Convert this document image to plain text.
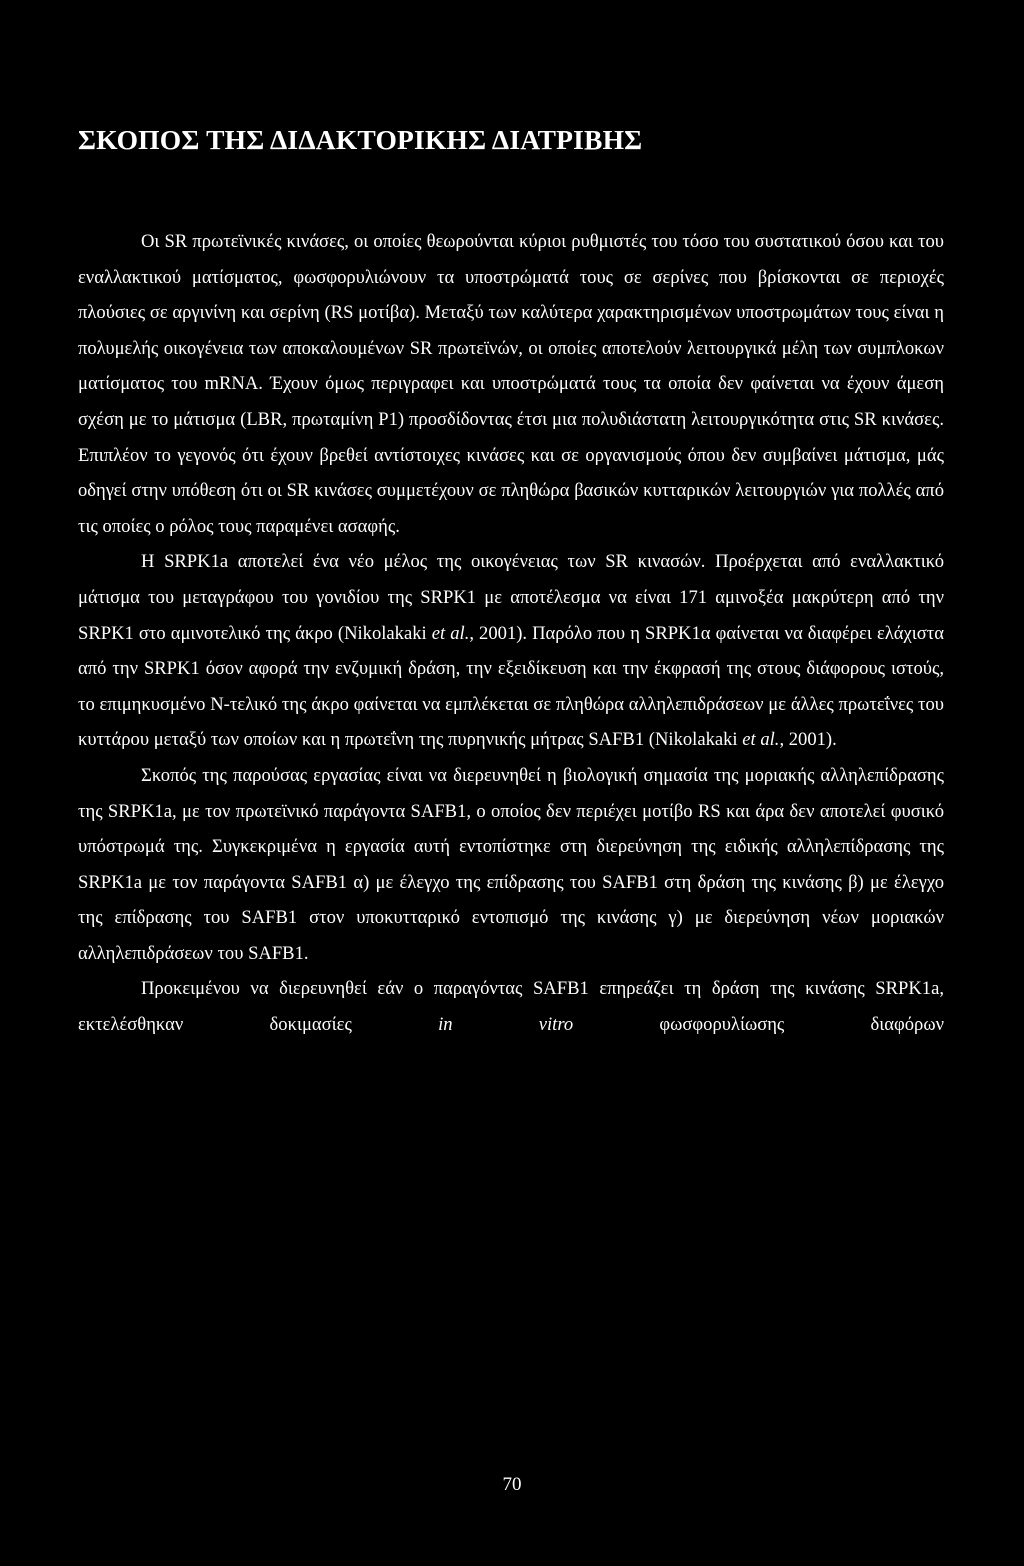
ΣΚΟΠΟΣ ΤΗΣ ΔΙΔΑΚΤΟΡΙΚΗΣ ΔΙΑΤΡΙΒΗΣ

Οι SR πρωτεϊνικές κινάσες, οι οποίες θεωρούνται κύριοι ρυθμιστές του τόσο του συστατικού όσου και του εναλλακτικού ματίσματος, φωσφορυλιώνουν τα υποστρώματά τους σε σερίνες που βρίσκονται σε περιοχές πλούσιες σε αργινίνη και σερίνη (RS μοτίβα). Μεταξύ των καλύτερα χαρακτηρισμένων υποστρωμάτων τους είναι η πολυμελής οικογένεια των αποκαλουμένων SR πρωτεϊνών, οι οποίες αποτελούν λειτουργικά μέλη των συμπλοκων ματίσματος του mRNA. Έχουν όμως περιγραφει και υποστρώματά τους τα οποία δεν φαίνεται να έχουν άμεση σχέση με το μάτισμα (LBR, πρωταμίνη P1) προσδίδοντας έτσι μια πολυδιάστατη λειτουργικότητα στις SR κινάσες. Επιπλέον το γεγονός ότι έχουν βρεθεί αντίστοιχες κινάσες και σε οργανισμούς όπου δεν συμβαίνει μάτισμα, μάς οδηγεί στην υπόθεση ότι οι SR κινάσες συμμετέχουν σε πληθώρα βασικών κυτταρικών λειτουργιών για πολλές από τις οποίες ο ρόλος τους παραμένει ασαφής.

Η SRPK1a αποτελεί ένα νέο μέλος της οικογένειας των SR κινασών. Προέρχεται από εναλλακτικό μάτισμα του μεταγράφου του γονιδίου της SRPK1 με αποτέλεσμα να είναι 171 αμινοξέα μακρύτερη από την SRPK1 στο αμινοτελικό της άκρο (Nikolakaki et al., 2001). Παρόλο που η SRPK1α φαίνεται να διαφέρει ελάχιστα από την SRPK1 όσον αφορά την ενζυμική δράση, την εξειδίκευση και την έκφρασή της στους διάφορους ιστούς, το επιμηκυσμένο N-τελικό της άκρο φαίνεται να εμπλέκεται σε πληθώρα αλληλεπιδράσεων με άλλες πρωτεΐνες του κυττάρου μεταξύ των οποίων και η πρωτεΐνη της πυρηνικής μήτρας SAFB1 (Nikolakaki et al., 2001).

Σκοπός της παρούσας εργασίας είναι να διερευνηθεί η βιολογική σημασία της μοριακής αλληλεπίδρασης της SRPK1a, με τον πρωτεϊνικό παράγοντα SAFB1, ο οποίος δεν περιέχει μοτίβο RS και άρα δεν αποτελεί φυσικό υπόστρωμά της. Συγκεκριμένα η εργασία αυτή εντοπίστηκε στη διερεύνηση της ειδικής αλληλεπίδρασης της SRPK1a με τον παράγοντα SAFB1 α) με έλεγχο της επίδρασης του SAFB1 στη δράση της κινάσης β) με έλεγχο της επίδρασης του SAFB1 στον υποκυτταρικό εντοπισμό της κινάσης γ) με διερεύνηση νέων μοριακών αλληλεπιδράσεων του SAFB1.

Προκειμένου να διερευνηθεί εάν ο παραγόντας SAFB1 επηρεάζει τη δράση της κινάσης SRPK1a, εκτελέσθηκαν δοκιμασίες in vitro φωσφορυλίωσης διαφόρων

70
